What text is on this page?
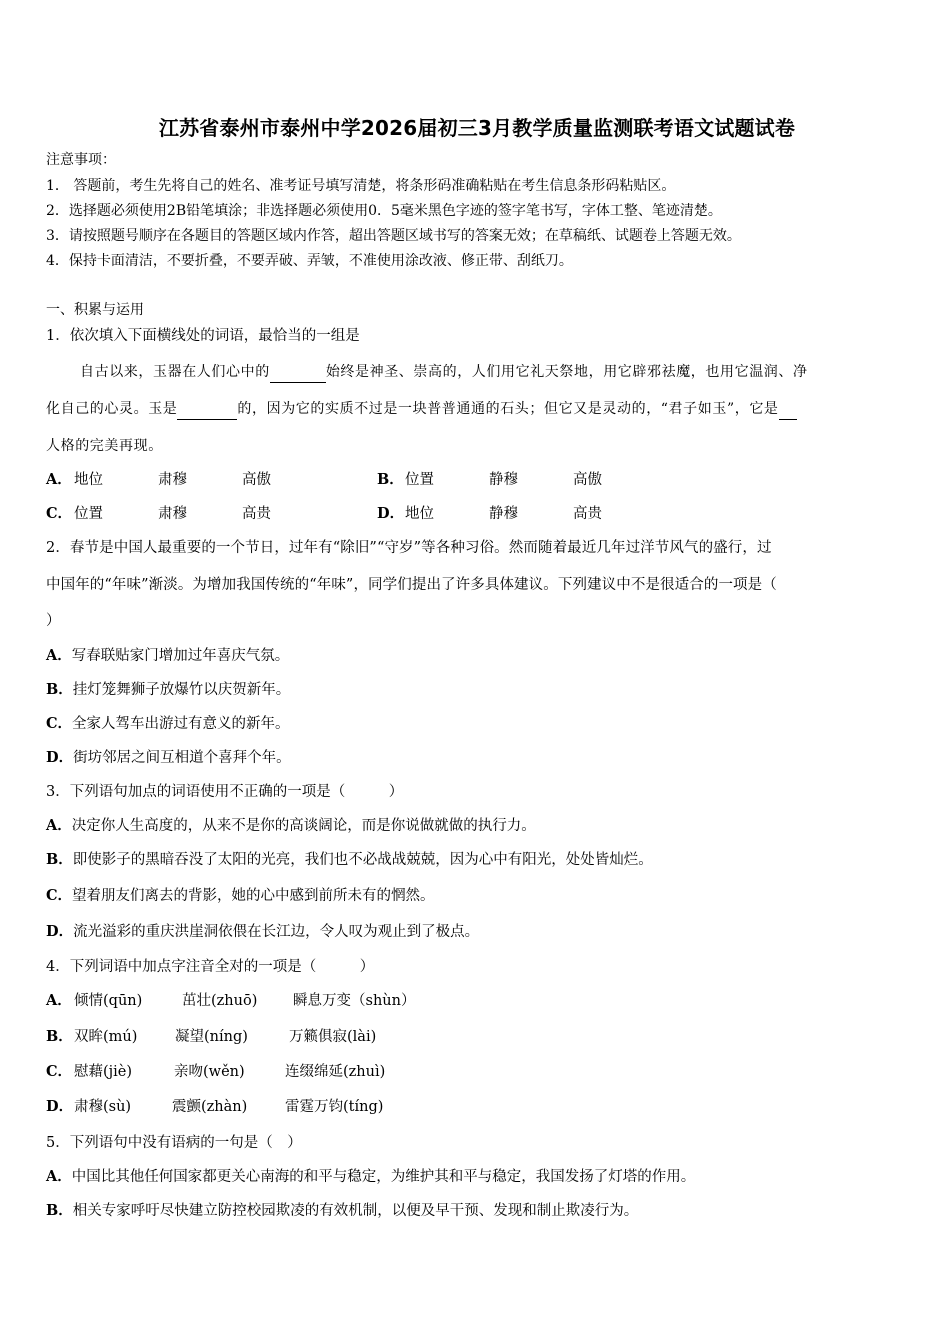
江苏省泰州市泰州中学2026届初三3月教学质量监测联考语文试题试卷
注意事项：
1． 答题前，考生先将自己的姓名、准考证号填写清楚，将条形码准确粘贴在考生信息条形码粘贴区。
2．选择题必须使用2B铅笔填涂；非选择题必须使用0．5毫米黑色字迹的签字笔书写，字体工整、笔迹清楚。
3．请按照题号顺序在各题目的答题区域内作答，超出答题区域书写的答案无效；在草稿纸、试题卷上答题无效。
4．保持卡面清洁，不要折叠，不要弄破、弄皱，不准使用涂改液、修正带、刮纸刀。
一、积累与运用
1．依次填入下面横线处的词语，最恰当的一组是
自古以来，玉器在人们心中的	始终是神圣、崇高的，人们用它礼天祭地，用它辟邪祛魔，也用它温润、净
化自己的心灵。玉是	的，因为它的实质不过是一块普普通通的石头；但它又是灵动的，“君子如玉”，它是
人格的完美再现。
A． 地位	肃穆	高傲	B． 位置	静穆	高傲
C． 位置	肃穆	高贵	D． 地位	静穆	高贵
2．春节是中国人最重要的一个节日，过年有“除旧”“守岁”等各种习俗。然而随着最近几年过洋节风气的盛行，过
中国年的“年味”渐淡。为增加我国传统的“年味”，同学们提出了许多具体建议。下列建议中不是很适合的一项是（
）
A．写春联贴家门增加过年喜庆气氛。
B．挂灯笼舞狮子放爆竹以庆贺新年。
C．全家人驾车出游过有意义的新年。
D．街坊邻居之间互相道个喜拜个年。
3．下列语句加点的词语使用不正确的一项是（　　　）
A．决定你人生高度的，从来不是你的高谈阔论，而是你说做就做的执行力。
B．即使影子的黑暗吞没了太阳的光亮，我们也不必战战兢兢，因为心中有阳光，处处皆灿烂。
C．望着朋友们离去的背影，她的心中感到前所未有的惘然。
D．流光溢彩的重庆洪崖洞依偎在长江边，令人叹为观止到了极点。
4．下列词语中加点字注音全对的一项是（　　　）
A． 倾情(qūn)	茁壮(zhuō) 瞬息万变（shùn）
B． 双眸(mú)	凝望(níng)	万籁俱寂(lài)
C． 慰藉(jiè)	亲吻(wěn)	连缀绵延(zhuì)
D． 肃穆(sù)	震颤(zhàn)	雷霆万钧(tíng)
5．下列语句中没有语病的一句是（　）
A．中国比其他任何国家都更关心南海的和平与稳定，为维护其和平与稳定，我国发扬了灯塔的作用。
B．相关专家呼吁尽快建立防控校园欺凌的有效机制，以便及早干预、发现和制止欺凌行为。
